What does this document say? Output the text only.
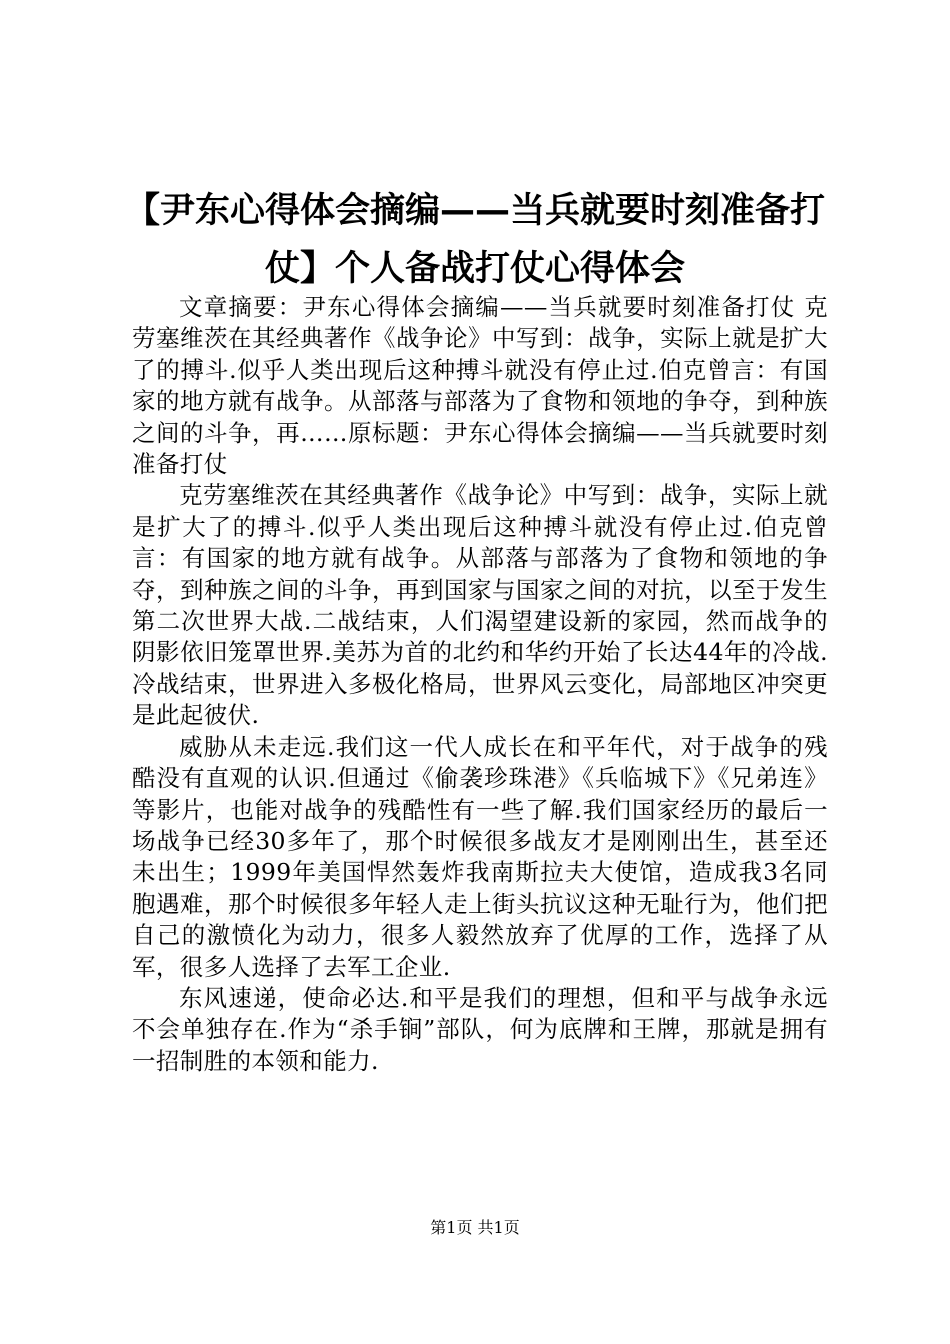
【尹东心得体会摘编——当兵就要时刻准备打仗】个人备战打仗心得体会

文章摘要：尹东心得体会摘编——当兵就要时刻准备打仗 克劳塞维茨在其经典著作《战争论》中写到：战争，实际上就是扩大了的搏斗.似乎人类出现后这种搏斗就没有停止过.伯克曾言：有国家的地方就有战争。从部落与部落为了食物和领地的争夺，到种族之间的斗争，再……原标题：尹东心得体会摘编——当兵就要时刻准备打仗

克劳塞维茨在其经典著作《战争论》中写到：战争，实际上就是扩大了的搏斗.似乎人类出现后这种搏斗就没有停止过.伯克曾言：有国家的地方就有战争。从部落与部落为了食物和领地的争夺，到种族之间的斗争，再到国家与国家之间的对抗，以至于发生第二次世界大战.二战结束，人们渴望建设新的家园，然而战争的阴影依旧笼罩世界.美苏为首的北约和华约开始了长达44年的冷战.冷战结束，世界进入多极化格局，世界风云变化，局部地区冲突更是此起彼伏.

威胁从未走远.我们这一代人成长在和平年代，对于战争的残酷没有直观的认识.但通过《偷袭珍珠港》《兵临城下》《兄弟连》等影片，也能对战争的残酷性有一些了解.我们国家经历的最后一场战争已经30多年了，那个时候很多战友才是刚刚出生，甚至还未出生；1999年美国悍然轰炸我南斯拉夫大使馆，造成我3名同胞遇难，那个时候很多年轻人走上街头抗议这种无耻行为，他们把自己的激愤化为动力，很多人毅然放弃了优厚的工作，选择了从军，很多人选择了去军工企业.

东风速递，使命必达.和平是我们的理想，但和平与战争永远不会单独存在.作为“杀手锏”部队，何为底牌和王牌，那就是拥有一招制胜的本领和能力.

第1页 共1页
